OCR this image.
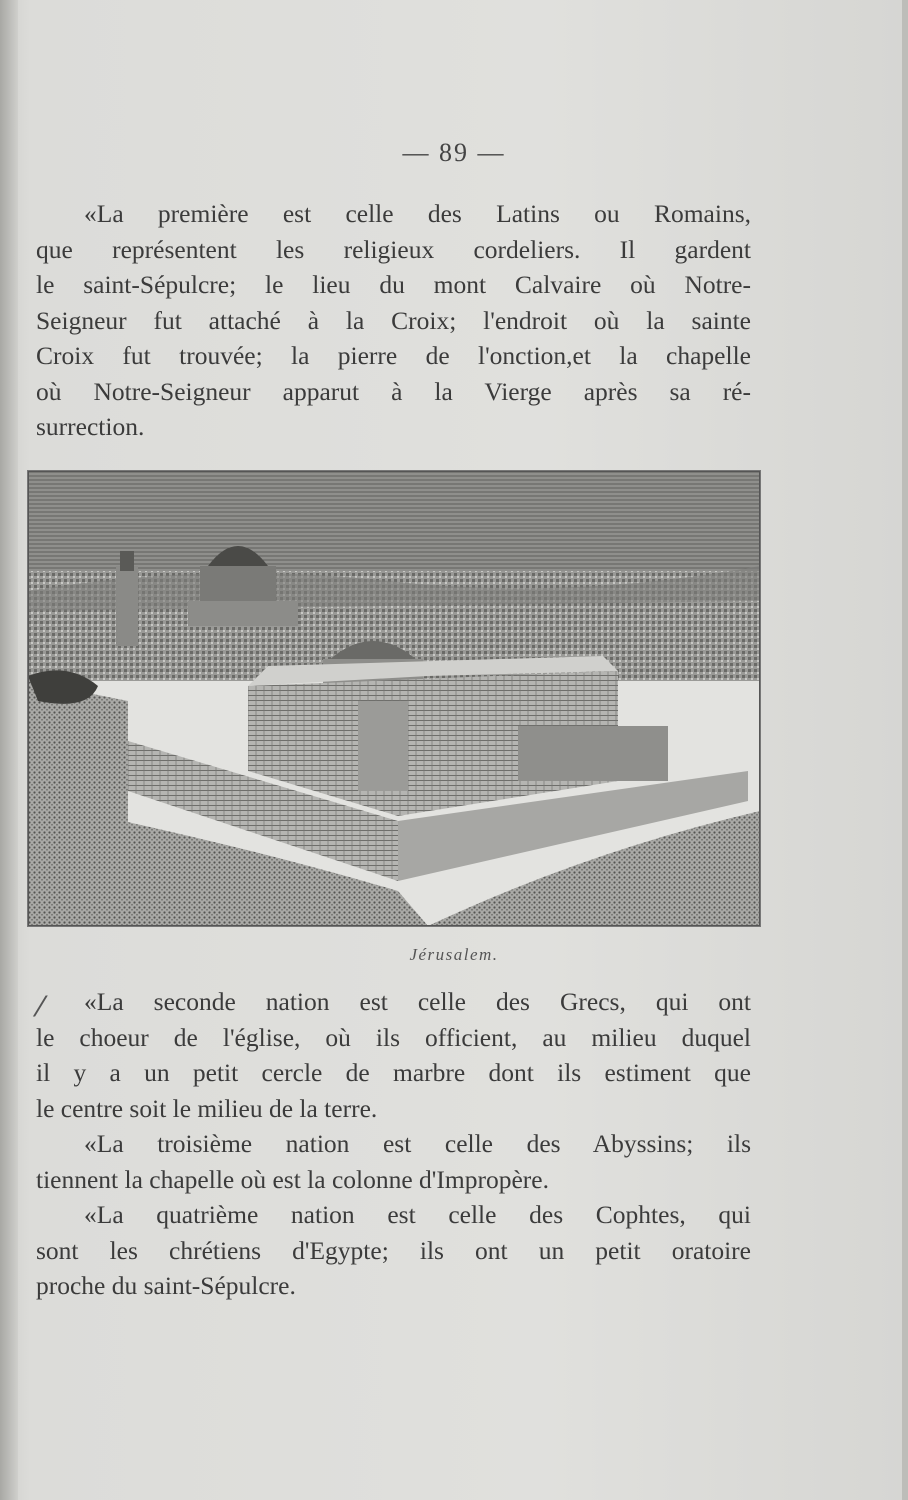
— 89 —
«La première est celle des Latins ou Romains,
que représentent les religieux cordeliers. Il gardent
le saint-Sépulcre; le lieu du mont Calvaire où Notre-
Seigneur fut attaché à la Croix; l'endroit où la sainte
Croix fut trouvée; la pierre de l'onction,et la chapelle
où Notre-Seigneur apparut à la Vierge après sa ré-
surrection.
Jérusalem.
⁄	«La seconde nation est celle des Grecs, qui ont
le choeur de l'église, où ils officient, au milieu duquel
il y a un petit cercle de marbre dont ils estiment que
le centre soit le milieu de la terre.
«La troisième nation est celle des Abyssins; ils
tiennent la chapelle où est la colonne d'Impropère.
«La quatrième nation est celle des Cophtes, qui
sont les chrétiens d'Egypte; ils ont un petit oratoire
proche du saint-Sépulcre.
